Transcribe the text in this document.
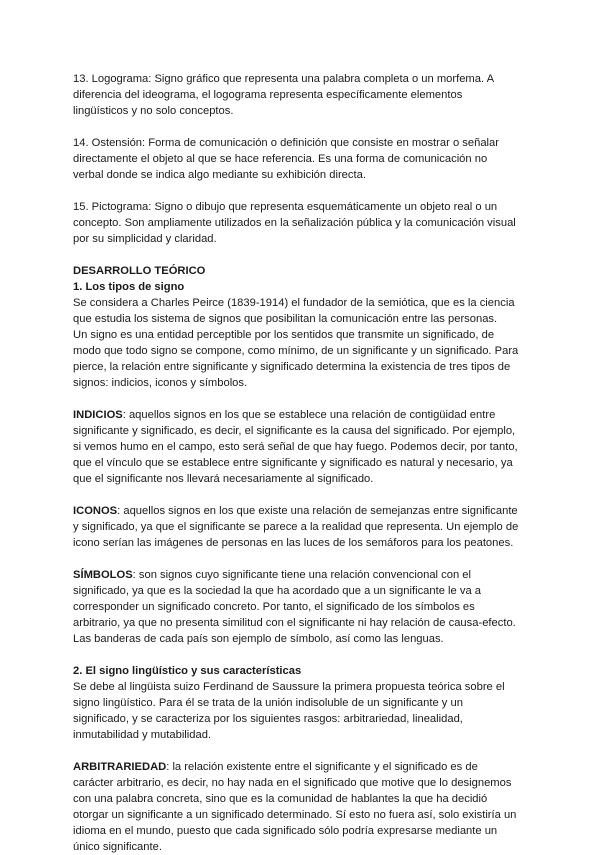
13. Logograma: Signo gráfico que representa una palabra completa o un morfema. A diferencia del ideograma, el logograma representa específicamente elementos lingüísticos y no solo conceptos.

14. Ostensión: Forma de comunicación o definición que consiste en mostrar o señalar directamente el objeto al que se hace referencia. Es una forma de comunicación no verbal donde se indica algo mediante su exhibición directa.

15. Pictograma: Signo o dibujo que representa esquemáticamente un objeto real o un concepto. Son ampliamente utilizados en la señalización pública y la comunicación visual por su simplicidad y claridad.

DESARROLLO TEÓRICO

1. Los tipos de signo

Se considera a Charles Peirce (1839-1914) el fundador de la semiótica, que es la ciencia que estudia los sistema de signos que posibilitan la comunicación entre las personas.

Un signo es una entidad perceptible por los sentidos que transmite un significado, de modo que todo signo se compone, como mínimo, de un significante y un significado. Para pierce, la relación entre significante y significado determina la existencia de tres tipos de signos: indicios, iconos y símbolos.

INDICIOS: aquellos signos en los que se establece una relación de contigüidad entre significante y significado, es decir, el significante es la causa del significado. Por ejemplo, si vemos humo en el campo, esto será señal de que hay fuego. Podemos decir, por tanto, que el vínculo que se establece entre significante y significado es natural y necesario, ya que el significante nos llevará necesariamente al significado.

ICONOS: aquellos signos en los que existe una relación de semejanzas entre significante y significado, ya que el significante se parece a la realidad que representa. Un ejemplo de icono serían las imágenes de personas en las luces de los semáforos para los peatones.

SÍMBOLOS: son signos cuyo significante tiene una relación convencional con el significado, ya que es la sociedad la que ha acordado que a un significante le va a corresponder un significado concreto. Por tanto, el significado de los símbolos es arbitrario, ya que no presenta similitud con el significante ni hay relación de causa-efecto. Las banderas de cada país son ejemplo de símbolo, así como las lenguas.

2. El signo lingüístico y sus características

Se debe al lingüista suizo Ferdinand de Saussure la primera propuesta teórica sobre el signo lingüístico. Para él se trata de la unión indisoluble de un significante y un significado, y se caracteriza por los siguientes rasgos: arbitrariedad, linealidad, inmutabilidad y mutabilidad.

ARBITRARIEDAD: la relación existente entre el significante y el significado es de carácter arbitrario, es decir, no hay nada en el significado que motive que lo designemos con una palabra concreta, sino que es la comunidad de hablantes la que ha decidió otorgar un significante a un significado determinado. Sí esto no fuera así, solo existiría un idioma en el mundo, puesto que cada significado sólo podría expresarse mediante un único significante.
